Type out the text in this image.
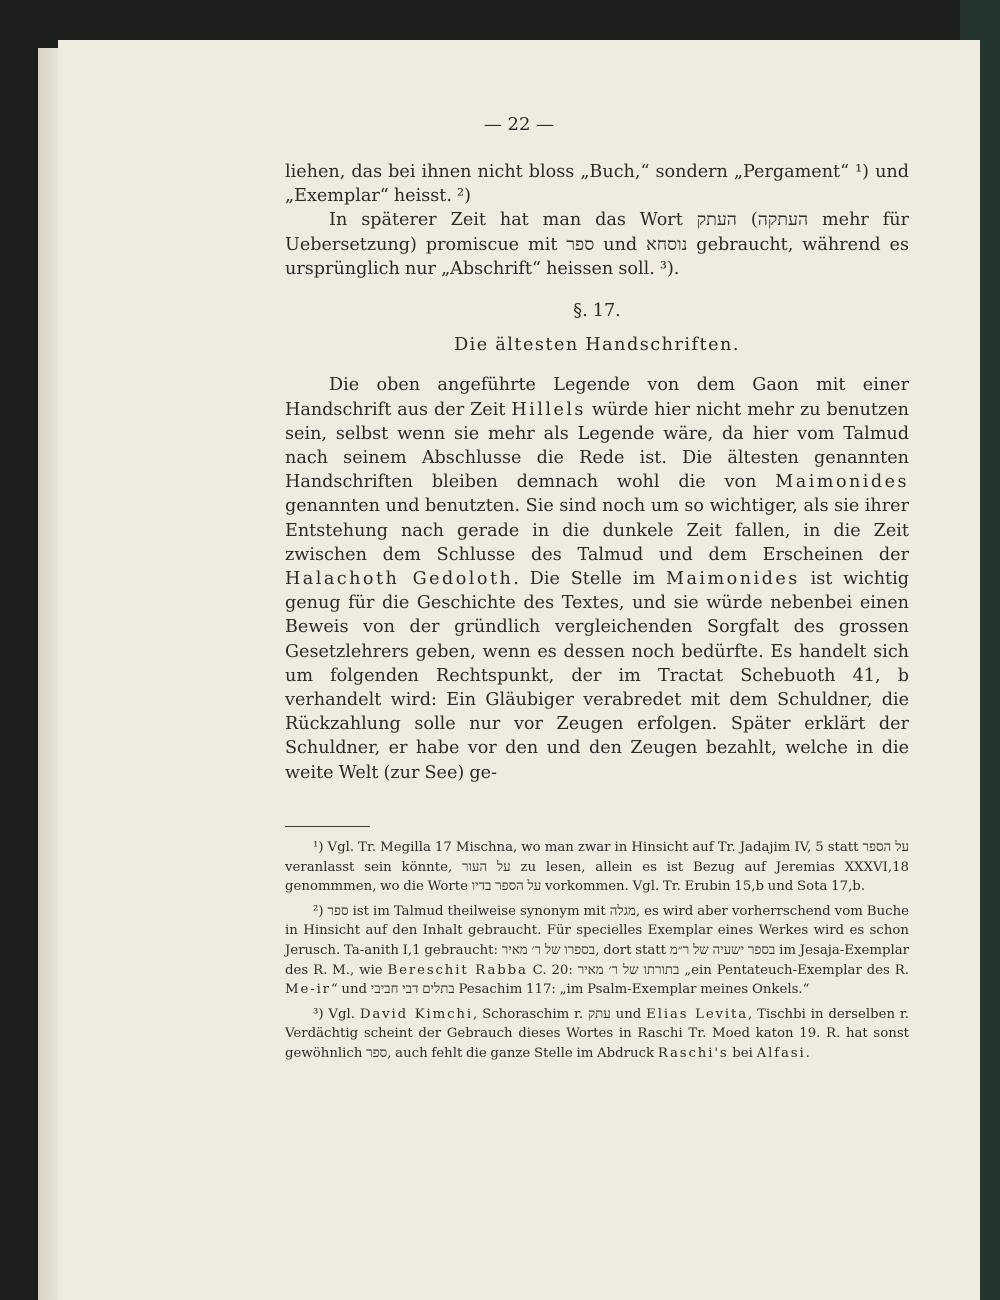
— 22 —

liehen, das bei ihnen nicht bloss „Buch,“ sondern „Pergament“ ¹) und „Exemplar“ heisst. ²)

In späterer Zeit hat man das Wort העתק (העתקה mehr für Uebersetzung) promiscue mit ספר und נוסחא gebraucht, während es ursprünglich nur „Abschrift“ heissen soll. ³).

§. 17.

Die ältesten Handschriften.

Die oben angeführte Legende von dem Gaon mit einer Handschrift aus der Zeit Hillels würde hier nicht mehr zu benutzen sein, selbst wenn sie mehr als Legende wäre, da hier vom Talmud nach seinem Abschlusse die Rede ist. Die ältesten genannten Handschriften bleiben demnach wohl die von Maimonides genannten und benutzten. Sie sind noch um so wichtiger, als sie ihrer Entstehung nach gerade in die dunkele Zeit fallen, in die Zeit zwischen dem Schlusse des Talmud und dem Erscheinen der Halachoth Gedoloth. Die Stelle im Maimonides ist wichtig genug für die Geschichte des Textes, und sie würde nebenbei einen Beweis von der gründlich vergleichenden Sorgfalt des grossen Gesetzlehrers geben, wenn es dessen noch bedürfte. Es handelt sich um folgenden Rechtspunkt, der im Tractat Schebuoth 41, b verhandelt wird: Ein Gläubiger verabredet mit dem Schuldner, die Rückzahlung solle nur vor Zeugen erfolgen. Später erklärt der Schuldner, er habe vor den und den Zeugen bezahlt, welche in die weite Welt (zur See) ge-

¹) Vgl. Tr. Megilla 17 Mischna, wo man zwar in Hinsicht auf Tr. Jadajim IV, 5 statt על הספר veranlasst sein könnte, על העור zu lesen, allein es ist Bezug auf Jeremias XXXVI,18 genommmen, wo die Worte על הספר בדיו vorkommen. Vgl. Tr. Erubin 15,b und Sota 17,b.

²) ספר ist im Talmud theilweise synonym mit מגלה, es wird aber vorherrschend vom Buche in Hinsicht auf den Inhalt gebraucht. Für specielles Exemplar eines Werkes wird es schon Jerusch. Ta-anith I,1 gebraucht: בספרו של ר׳ מאיר, dort statt בספר ישעיה של ר״מ im Jesaja-Exemplar des R. M., wie Bereschit Rabba C. 20: בתורתו של ר׳ מאיר „ein Pentateuch-Exemplar des R. Me-ir“ und בתלים דבי חביבי Pesachim 117: „im Psalm-Exemplar meines Onkels.“

³) Vgl. David Kimchi, Schoraschim r. עתק und Elias Levita, Tischbi in derselben r. Verdächtig scheint der Gebrauch dieses Wortes in Raschi Tr. Moed katon 19. R. hat sonst gewöhnlich ספר, auch fehlt die ganze Stelle im Abdruck Raschi's bei Alfasi.
